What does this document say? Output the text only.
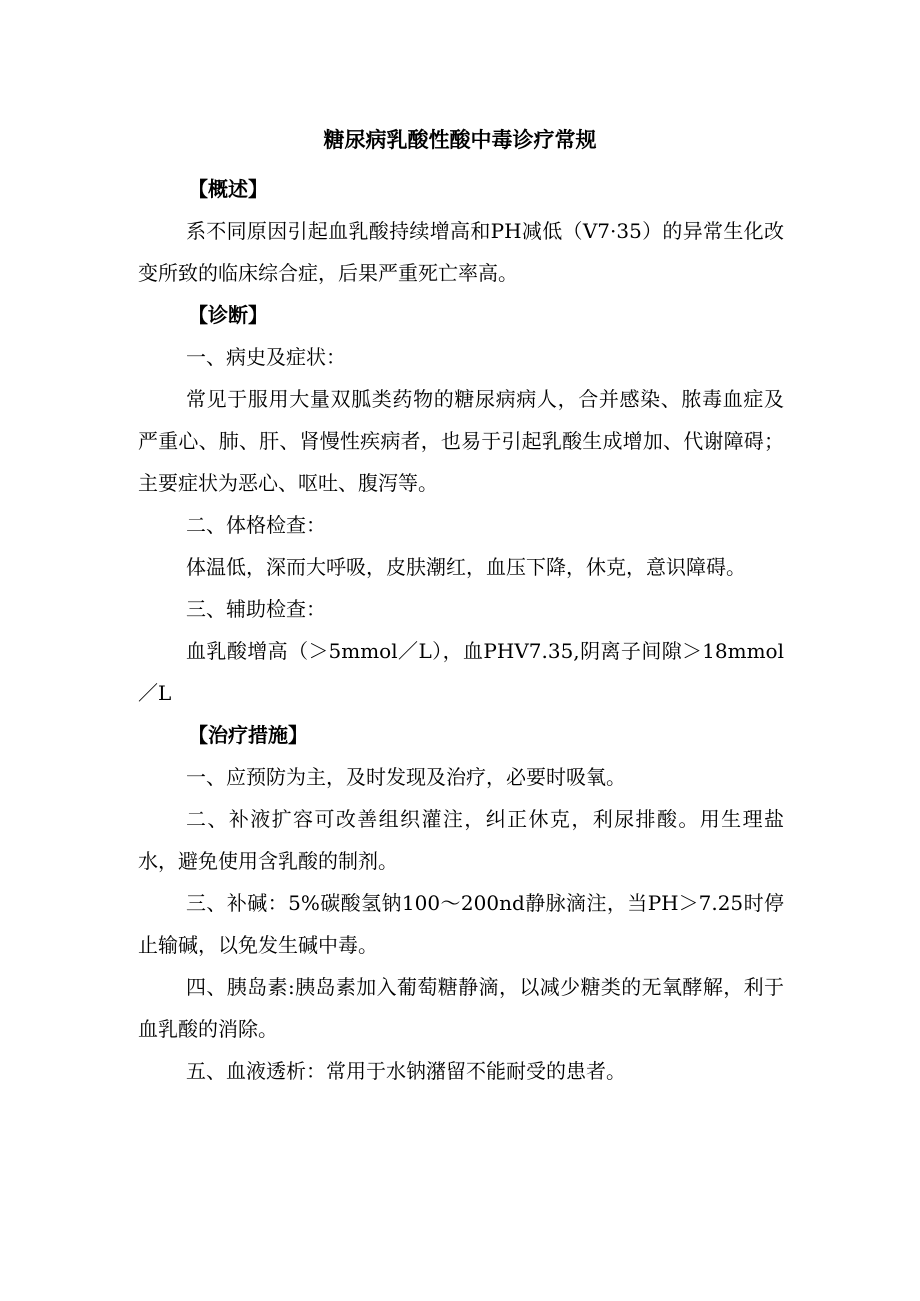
糖尿病乳酸性酸中毒诊疗常规

【概述】

系不同原因引起血乳酸持续增高和PH减低（V7·35）的异常生化改变所致的临床综合症，后果严重死亡率高。

【诊断】

一、病史及症状：

常见于服用大量双胍类药物的糖尿病病人，合并感染、脓毒血症及严重心、肺、肝、肾慢性疾病者，也易于引起乳酸生成增加、代谢障碍；主要症状为恶心、呕吐、腹泻等。

二、体格检查：

体温低，深而大呼吸，皮肤潮红，血压下降，休克，意识障碍。

三、辅助检查：

血乳酸增高（＞5mmol／L），血PHV7.35,阴离子间隙＞18mmol／L

【治疗措施】

一、应预防为主，及时发现及治疗，必要时吸氧。

二、补液扩容可改善组织灌注，纠正休克，利尿排酸。用生理盐水，避免使用含乳酸的制剂。

三、补碱：5%碳酸氢钠100～200nd静脉滴注，当PH＞7.25时停止输碱，以免发生碱中毒。

四、胰岛素:胰岛素加入葡萄糖静滴，以减少糖类的无氧酵解，利于血乳酸的消除。

五、血液透析：常用于水钠潴留不能耐受的患者。
